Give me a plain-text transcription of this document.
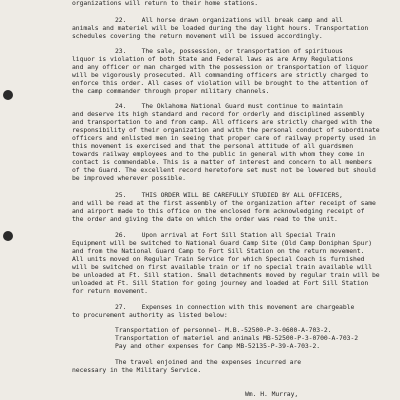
organizations will return to their home stations.
22.    All horse drawn organizations will break camp and all
animals and materiel will be loaded during the day light hours. Transportation
schedules covering the return movement will be issued accordingly.
23.    The sale, possession, or transportation of spirituous
liquor is violation of both State and Federal laws as are Army Regulations
and any officer or man charged with the possession or transportation of liquor
will be vigorously prosecuted. All commanding officers are strictly charged to
enforce this order. All cases of violation will be brought to the attention of
the camp commander through proper military channels.
24.    The Oklahoma National Guard must continue to maintain
and deserve its high standard and record for orderly and disciplined assembly
and transportation to and from camp. All officers are strictly charged with the
responsibility of their organization and with the personal conduct of subordinate
officers and enlisted men in seeing that proper care of railway property used in
this movement is exercised and that the personal attitude of all guardsmen
towards railway employees and to the public in general with whom they come in
contact is commendable. This is a matter of interest and concern to all members
of the Guard. The excellent record heretofore set must not be lowered but should
be improved wherever possible.
25.    THIS ORDER WILL BE CAREFULLY STUDIED BY ALL OFFICERS,
and will be read at the first assembly of the organization after receipt of same
and airport made to this office on the enclosed form acknowledging receipt of
the order and giving the date on which the order was read to the unit.
26.    Upon arrival at Fort Sill Station all Special Train
Equipment will be switched to National Guard Camp Site (Old Camp Doniphan Spur)
and from the National Guard Camp to Fort Sill Station on the return movement.
All units moved on Regular Train Service for which Special Coach is furnished
will be switched on first available train or if no special train available will
be unloaded at Ft. Sill station. Small detachments moved by regular train will be
unloaded at Ft. Sill Station for going journey and loaded at Fort Sill Station
for return movement.
27.    Expenses in connection with this movement are chargeable
to procurement authority as listed below:
Transportation of personnel- M.B.-52500-P-3-0600-A-703-2.
Transportation of materiel and animals MB-52500-P-3-0700-A-703-2
Pay and other expenses for Camp MB-52135-P-39-A-703-2.
The travel enjoined and the expenses incurred are
necessary in the Military Service.
Wm. H. Murray,
